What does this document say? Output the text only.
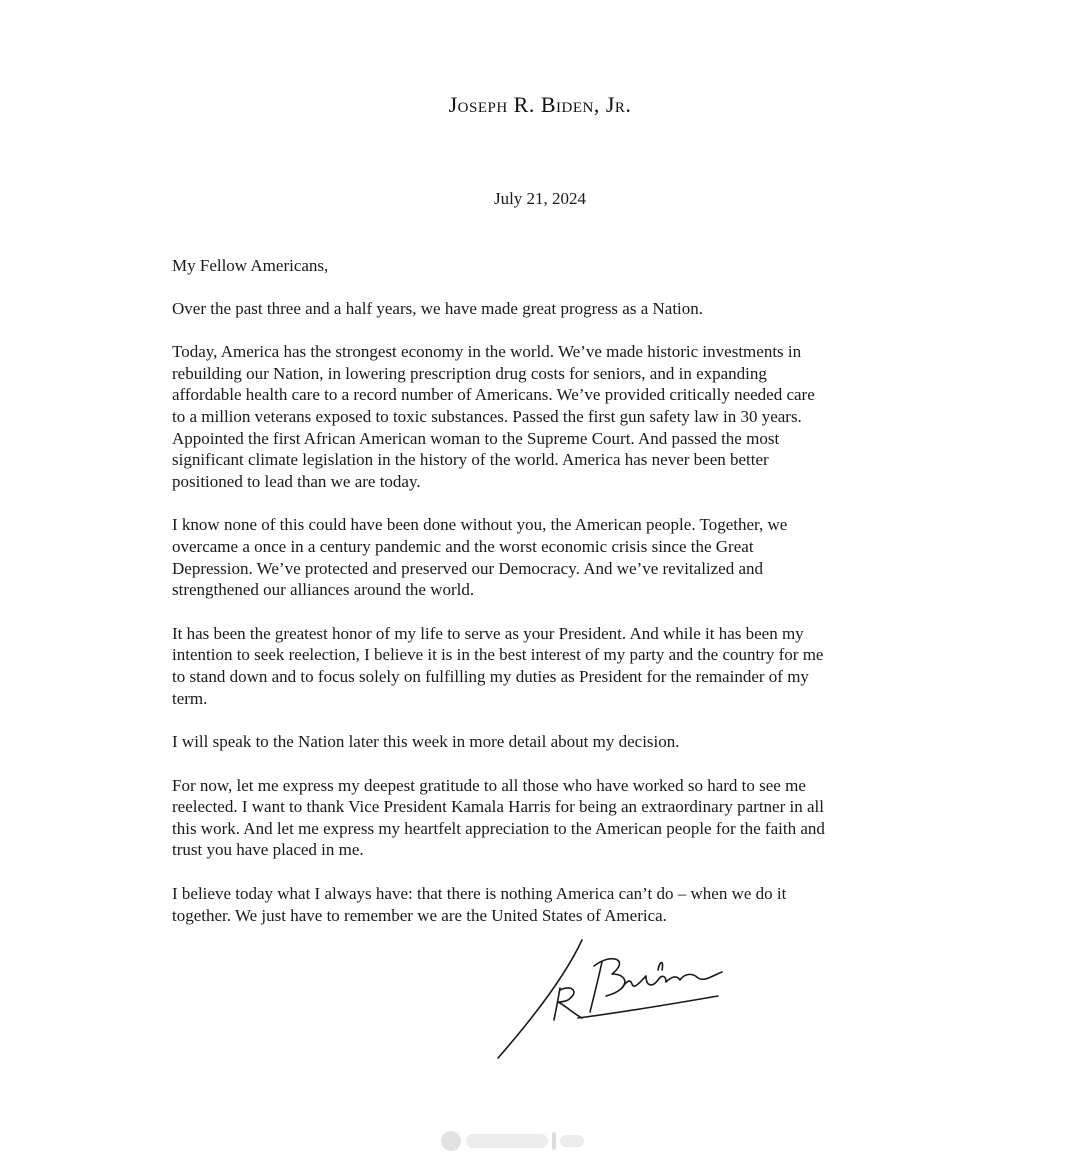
Joseph R. Biden, Jr.
July 21, 2024

My Fellow Americans,

Over the past three and a half years, we have made great progress as a Nation.

Today, America has the strongest economy in the world. We’ve made historic investments in
rebuilding our Nation, in lowering prescription drug costs for seniors, and in expanding
affordable health care to a record number of Americans. We’ve provided critically needed care
to a million veterans exposed to toxic substances. Passed the first gun safety law in 30 years.
Appointed the first African American woman to the Supreme Court. And passed the most
significant climate legislation in the history of the world. America has never been better
positioned to lead than we are today.

I know none of this could have been done without you, the American people. Together, we
overcame a once in a century pandemic and the worst economic crisis since the Great
Depression. We’ve protected and preserved our Democracy. And we’ve revitalized and
strengthened our alliances around the world.

It has been the greatest honor of my life to serve as your President. And while it has been my
intention to seek reelection, I believe it is in the best interest of my party and the country for me
to stand down and to focus solely on fulfilling my duties as President for the remainder of my
term.

I will speak to the Nation later this week in more detail about my decision.

For now, let me express my deepest gratitude to all those who have worked so hard to see me
reelected. I want to thank Vice President Kamala Harris for being an extraordinary partner in all
this work. And let me express my heartfelt appreciation to the American people for the faith and
trust you have placed in me.

I believe today what I always have: that there is nothing America can’t do – when we do it
together. We just have to remember we are the United States of America.
